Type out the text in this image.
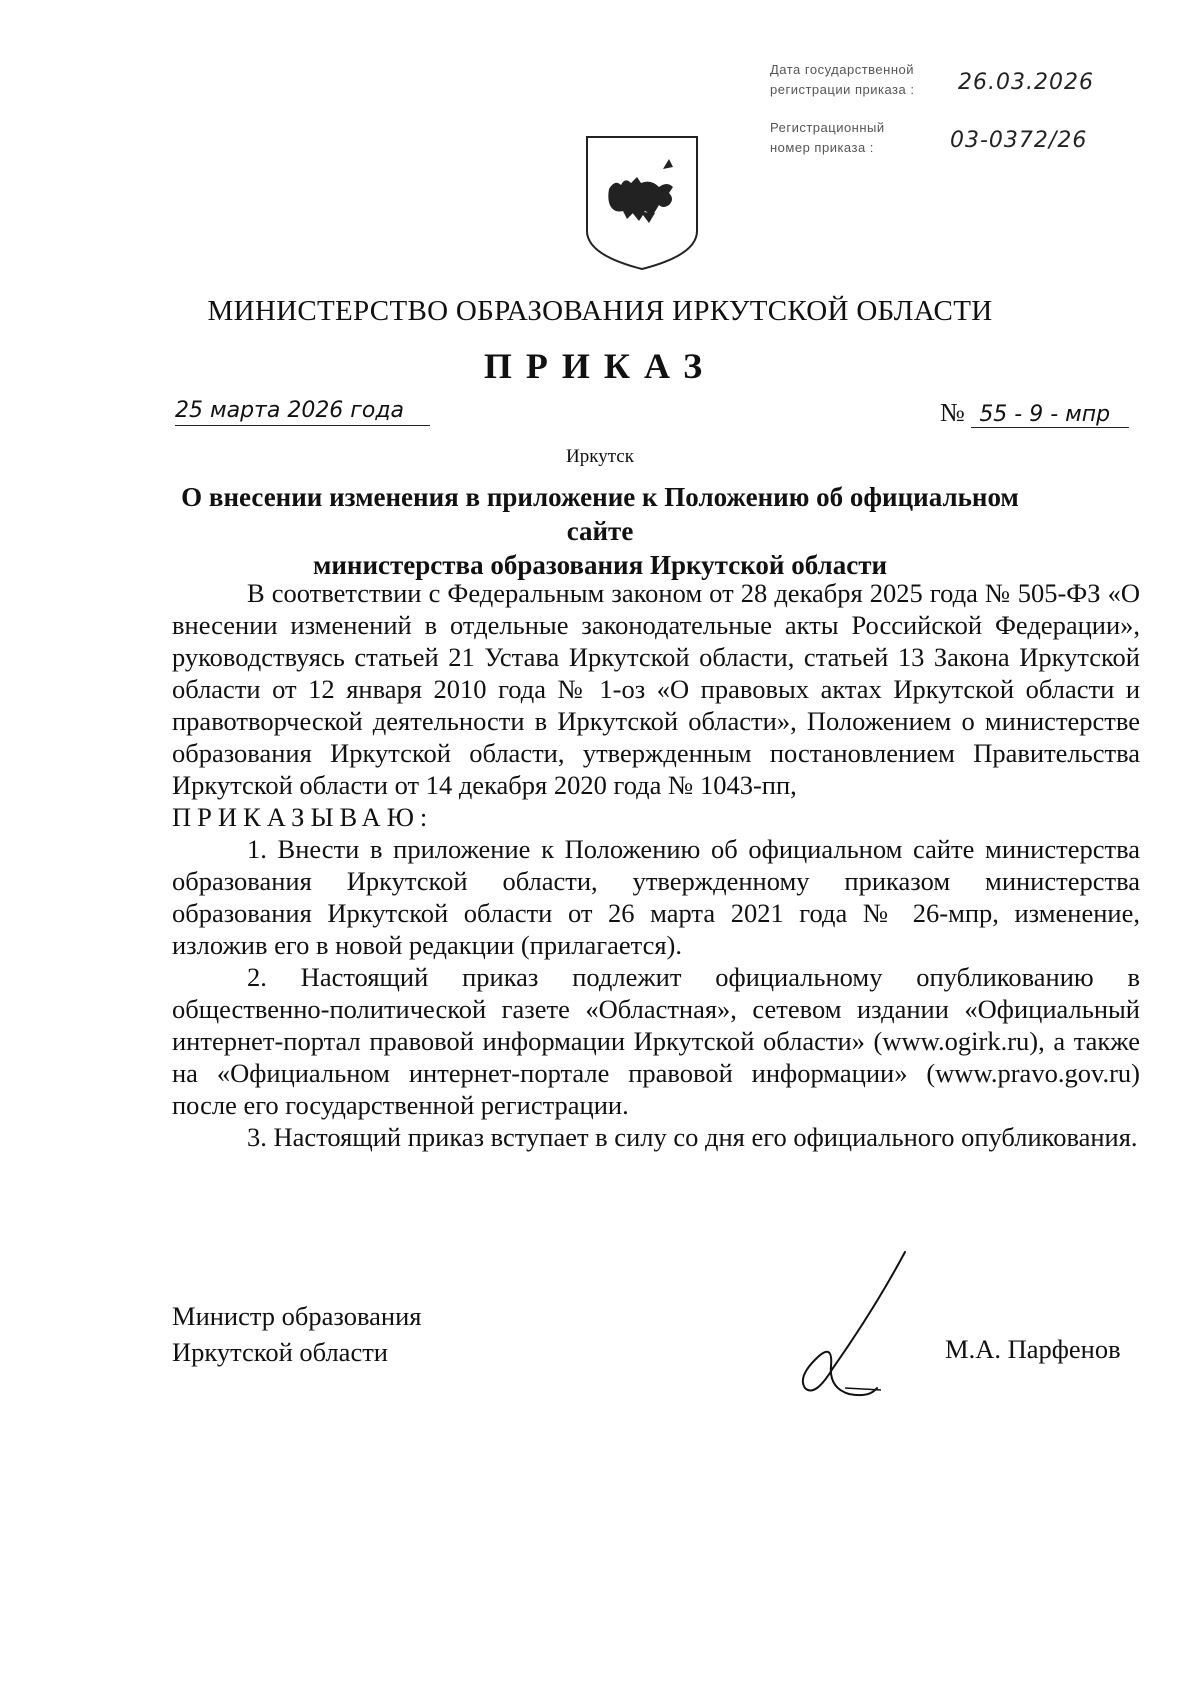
Дата государственной
регистрации приказа : 26.03.2026
Регистрационный
номер приказа :	03-0372/26
МИНИСТЕРСТВО ОБРАЗОВАНИЯ ИРКУТСКОЙ ОБЛАСТИ
ПРИКАЗ
25 марта 2026 года	№ 55 - 9 - мпр
Иркутск
О внесении изменения в приложение к Положению об официальном сайте
министерства образования Иркутской области

В соответствии с Федеральным законом от 28 декабря 2025 года № 505-ФЗ «О внесении изменений в отдельные законодательные акты Российской Федерации», руководствуясь статьей 21 Устава Иркутской области, статьей 13 Закона Иркутской области от 12 января 2010 года № 1-оз «О правовых актах Иркутской области и правотворческой деятельности в Иркутской области», Положением о министерстве образования Иркутской области, утвержденным постановлением Правительства Иркутской области от 14 декабря 2020 года № 1043-пп,

ПРИКАЗЫВАЮ:

1. Внести в приложение к Положению об официальном сайте министерства образования Иркутской области, утвержденному приказом министерства образования Иркутской области от 26 марта 2021 года № 26-мпр, изменение, изложив его в новой редакции (прилагается).

2. Настоящий приказ подлежит официальному опубликованию в общественно-политической газете «Областная», сетевом издании «Официальный интернет-портал правовой информации Иркутской области» (www.ogirk.ru), а также на «Официальном интернет-портале правовой информации» (www.pravo.gov.ru) после его государственной регистрации.

3. Настоящий приказ вступает в силу со дня его официального опубликования.

Министр образования
Иркутской области	М.А. Парфенов
